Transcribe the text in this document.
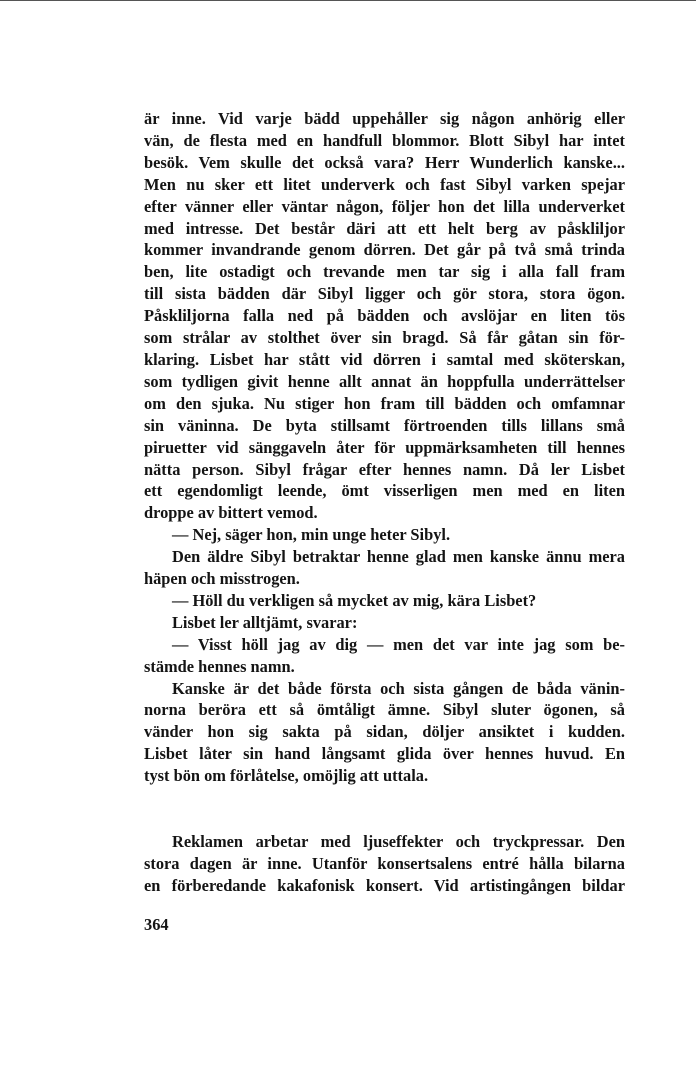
är inne. Vid varje bädd uppehåller sig någon anhörig eller
vän, de flesta med en handfull blommor. Blott Sibyl har intet
besök. Vem skulle det också vara? Herr Wunderlich kanske...
Men nu sker ett litet underverk och fast Sibyl varken spejar
efter vänner eller väntar någon, följer hon det lilla underverket
med intresse. Det består däri att ett helt berg av påskliljor
kommer invandrande genom dörren. Det går på två små trinda
ben, lite ostadigt och trevande men tar sig i alla fall fram
till sista bädden där Sibyl ligger och gör stora, stora ögon.
Påskliljorna falla ned på bädden och avslöjar en liten tös
som strålar av stolthet över sin bragd. Så får gåtan sin för-
klaring. Lisbet har stått vid dörren i samtal med sköterskan,
som tydligen givit henne allt annat än hoppfulla underrättelser
om den sjuka. Nu stiger hon fram till bädden och omfamnar
sin väninna. De byta stillsamt förtroenden tills lillans små
piruetter vid sänggaveln åter för uppmärksamheten till hennes
nätta person. Sibyl frågar efter hennes namn. Då ler Lisbet
ett egendomligt leende, ömt visserligen men med en liten
droppe av bittert vemod.
— Nej, säger hon, min unge heter Sibyl.
Den äldre Sibyl betraktar henne glad men kanske ännu mera
häpen och misstrogen.
— Höll du verkligen så mycket av mig, kära Lisbet?
Lisbet ler alltjämt, svarar:
— Visst höll jag av dig — men det var inte jag som be-
stämde hennes namn.
Kanske är det både första och sista gången de båda vänin-
norna beröra ett så ömtåligt ämne. Sibyl sluter ögonen, så
vänder hon sig sakta på sidan, döljer ansiktet i kudden.
Lisbet låter sin hand långsamt glida över hennes huvud. En
tyst bön om förlåtelse, omöjlig att uttala.
Reklamen arbetar med ljuseffekter och tryckpressar. Den
stora dagen är inne. Utanför konsertsalens entré hålla bilarna
en förberedande kakafonisk konsert. Vid artistingången bildar
364
